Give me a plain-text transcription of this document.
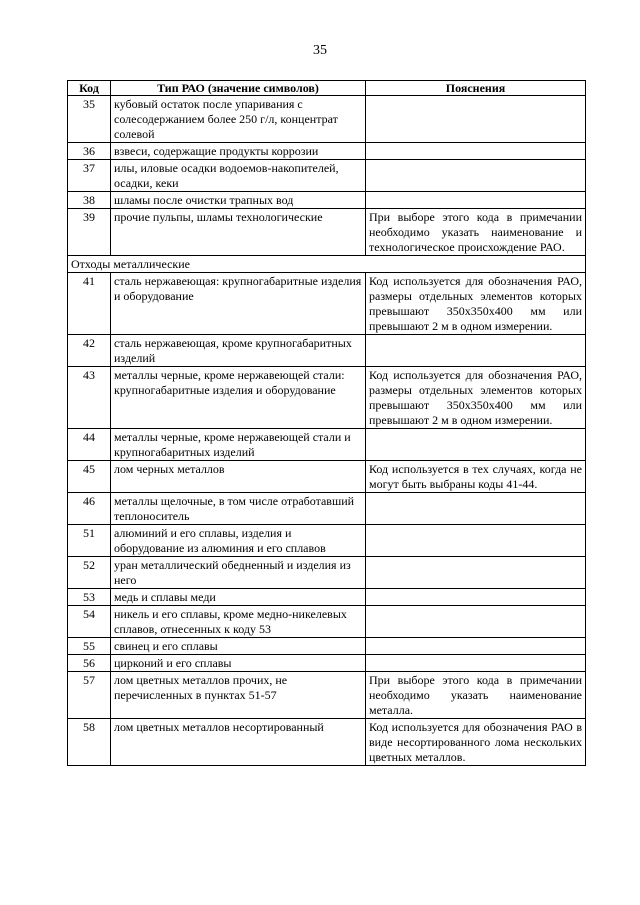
35
Код	Тип РАО (значение символов)	Пояснения
35	кубовый остаток после упаривания с солесодержанием более 250 г/л, концентрат солевой	
36	взвеси, содержащие продукты коррозии	
37	илы, иловые осадки водоемов-накопителей, осадки, кеки	
38	шламы после очистки трапных вод	
39	прочие пульпы, шламы технологические	При выборе этого кода в примечании необходимо указать наименование и технологическое происхождение РАО.
Отходы металлические		
41	сталь нержавеющая: крупногабаритные изделия и оборудование	Код используется для обозначения РАО, размеры отдельных элементов которых превышают 350х350х400 мм или превышают 2 м в одном измерении.
42	сталь нержавеющая, кроме крупногабаритных изделий	
43	металлы черные, кроме нержавеющей стали: крупногабаритные изделия и оборудование	Код используется для обозначения РАО, размеры отдельных элементов которых превышают 350х350х400 мм или превышают 2 м в одном измерении.
44	металлы черные, кроме нержавеющей стали и крупногабаритных изделий	
45	лом черных металлов	Код используется в тех случаях, когда не могут быть выбраны коды 41-44.
46	металлы щелочные, в том числе отработавший теплоноситель	
51	алюминий и его сплавы, изделия и оборудование из алюминия и его сплавов	
52	уран металлический обедненный и изделия из него	
53	медь и сплавы меди	
54	никель и его сплавы, кроме медно-никелевых сплавов, отнесенных к коду 53	
55	свинец и его сплавы	
56	цирконий и его сплавы	
57	лом цветных металлов прочих, не перечисленных в пунктах 51-57	При выборе этого кода в примечании необходимо указать наименование металла.
58	лом цветных металлов несортированный	Код используется для обозначения РАО в виде несортированного лома нескольких цветных металлов.
